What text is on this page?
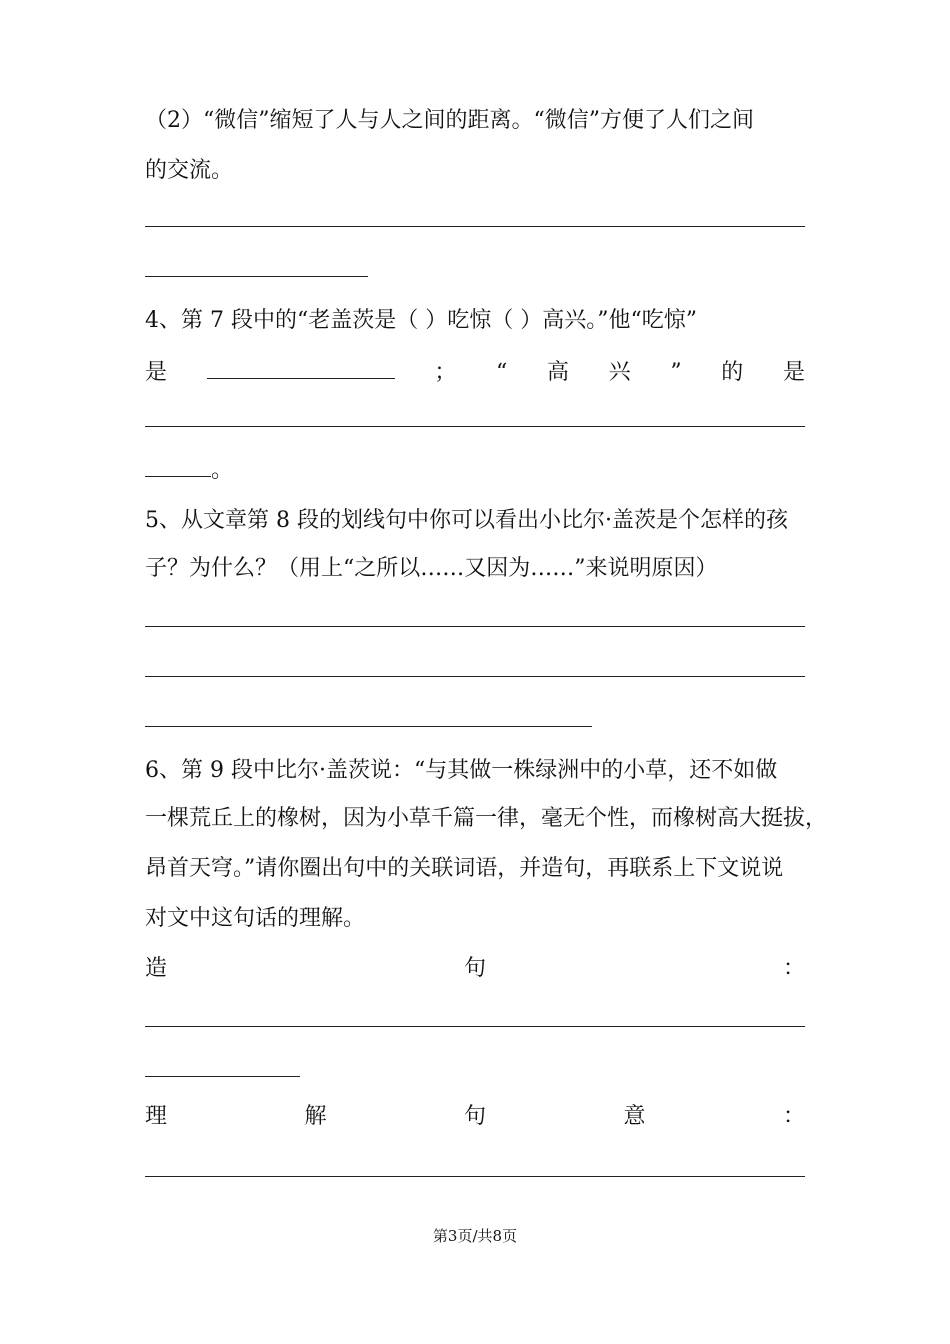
（2）“微信”缩短了人与人之间的距离。“微信”方便了人们之间
的交流。
4、第 7 段中的“老盖茨是（ ）吃惊（ ）高兴。”他“吃惊”
是	； “ 高 兴 ” 的 是
。
5、从文章第 8 段的划线句中你可以看出小比尔·盖茨是个怎样的孩
子？为什么？（用上“之所以……又因为……”来说明原因）
6、第 9 段中比尔·盖茨说：“与其做一株绿洲中的小草，还不如做
一棵荒丘上的橡树，因为小草千篇一律，毫无个性，而橡树高大挺拔，
昂首天穹。”请你圈出句中的关联词语，并造句，再联系上下文说说
对文中这句话的理解。
造	句	：
理	解	句	意	：
第3页/共8页
